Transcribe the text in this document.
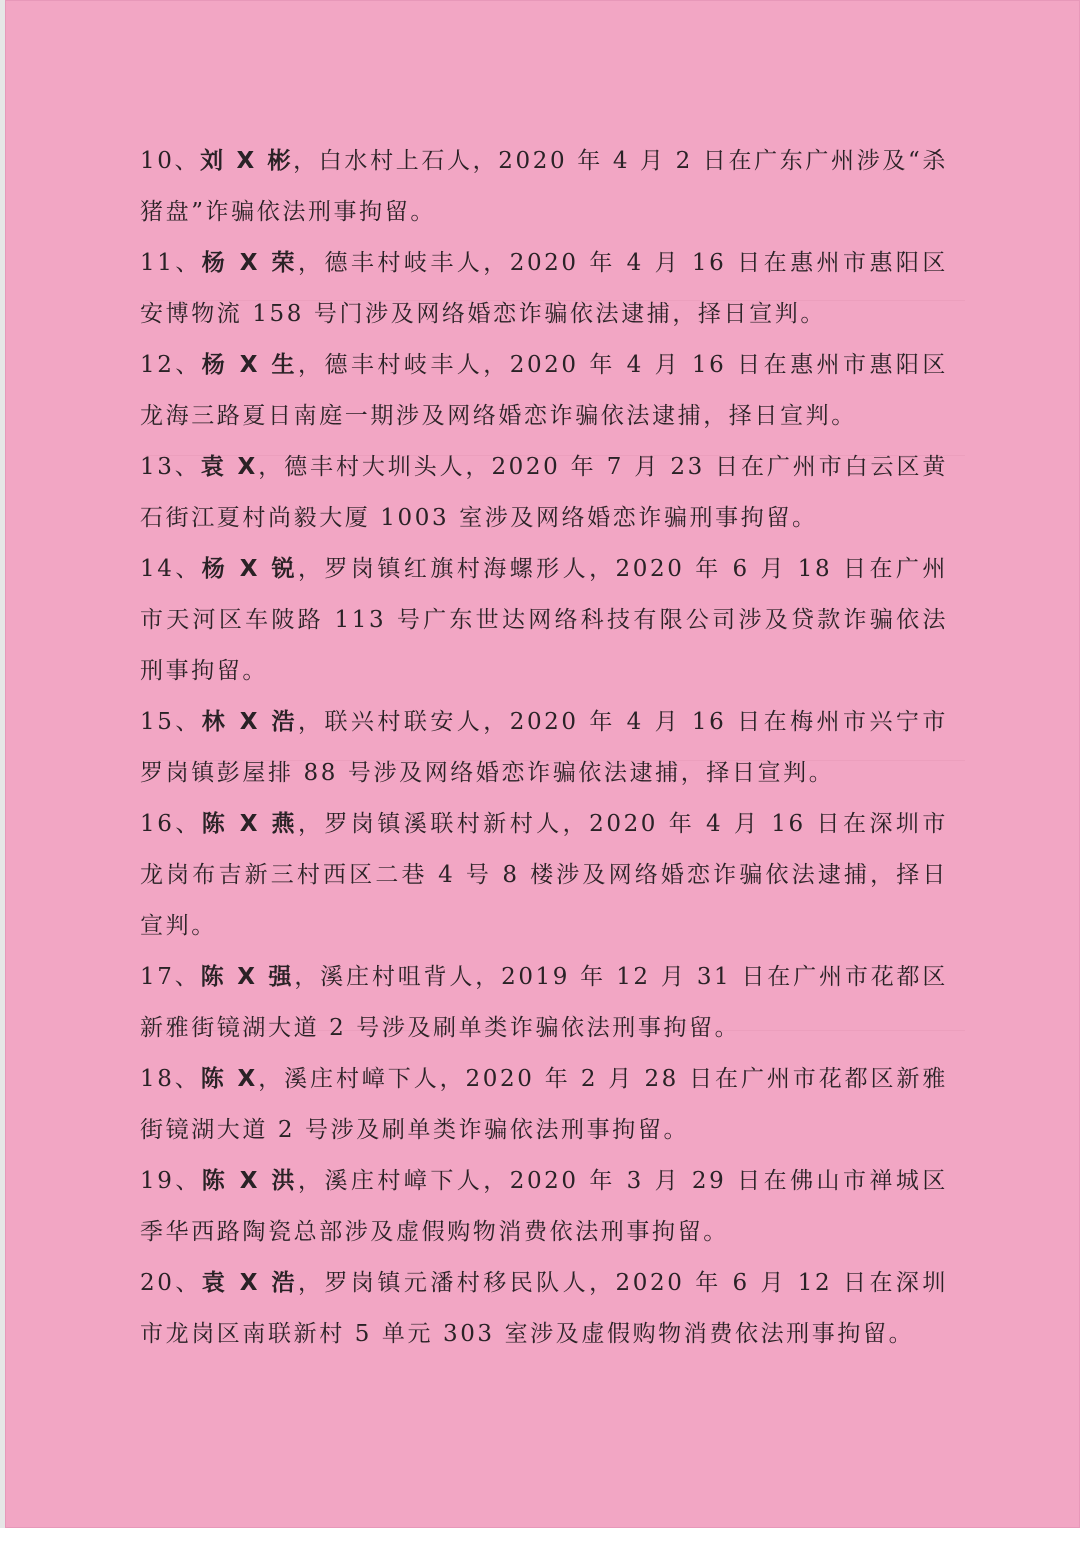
10、刘 X 彬，白水村上石人，2020 年 4 月 2 日在广东广州涉及“杀猪盘”诈骗依法刑事拘留。
11、杨 X 荣，德丰村岐丰人，2020 年 4 月 16 日在惠州市惠阳区安博物流 158 号门涉及网络婚恋诈骗依法逮捕，择日宣判。
12、杨 X 生，德丰村岐丰人，2020 年 4 月 16 日在惠州市惠阳区龙海三路夏日南庭一期涉及网络婚恋诈骗依法逮捕，择日宣判。
13、袁 X，德丰村大圳头人，2020 年 7 月 23 日在广州市白云区黄石街江夏村尚毅大厦 1003 室涉及网络婚恋诈骗刑事拘留。
14、杨 X 锐，罗岗镇红旗村海螺形人，2020 年 6 月 18 日在广州市天河区车陂路 113 号广东世达网络科技有限公司涉及贷款诈骗依法刑事拘留。
15、林 X 浩，联兴村联安人，2020 年 4 月 16 日在梅州市兴宁市罗岗镇彭屋排 88 号涉及网络婚恋诈骗依法逮捕，择日宣判。
16、陈 X 燕，罗岗镇溪联村新村人，2020 年 4 月 16 日在深圳市龙岗布吉新三村西区二巷 4 号 8 楼涉及网络婚恋诈骗依法逮捕，择日宣判。
17、陈 X 强，溪庄村咀背人，2019 年 12 月 31 日在广州市花都区新雅街镜湖大道 2 号涉及刷单类诈骗依法刑事拘留。
18、陈 X，溪庄村嶂下人，2020 年 2 月 28 日在广州市花都区新雅街镜湖大道 2 号涉及刷单类诈骗依法刑事拘留。
19、陈 X 洪，溪庄村嶂下人，2020 年 3 月 29 日在佛山市禅城区季华西路陶瓷总部涉及虚假购物消费依法刑事拘留。
20、袁 X 浩，罗岗镇元潘村移民队人，2020 年 6 月 12 日在深圳市龙岗区南联新村 5 单元 303 室涉及虚假购物消费依法刑事拘留。
